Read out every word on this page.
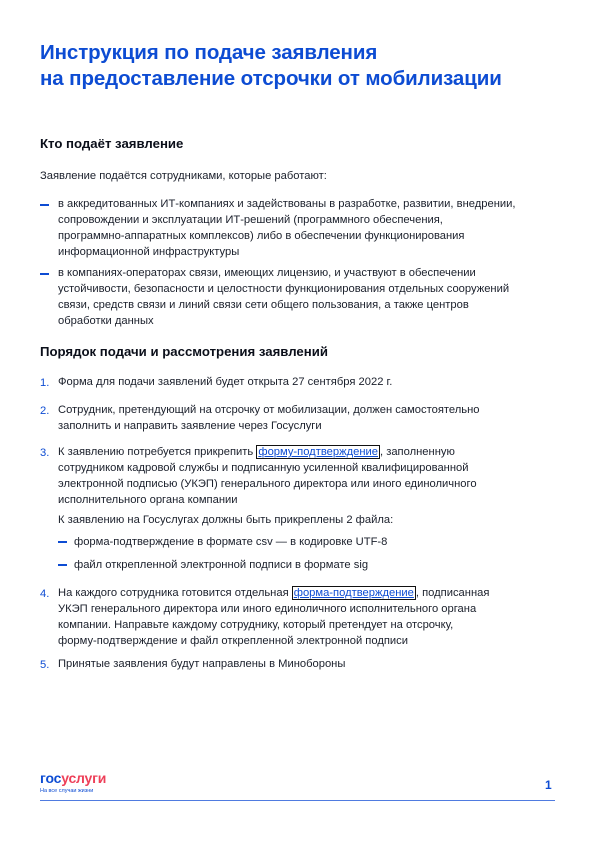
Инструкция по подаче заявления
на предоставление отсрочки от мобилизации
Кто подаёт заявление
Заявление подаётся сотрудниками, которые работают:
в аккредитованных ИТ-компаниях и задействованы в разработке, развитии, внедрении,
сопровождении и эксплуатации ИТ-решений (программного обеспечения,
программно-аппаратных комплексов) либо в обеспечении функционирования
информационной инфраструктуры
в компаниях-операторах связи, имеющих лицензию, и участвуют в обеспечении
устойчивости, безопасности и целостности функционирования отдельных сооружений
связи, средств связи и линий связи сети общего пользования, а также центров
обработки данных
Порядок подачи и рассмотрения заявлений
1. Форма для подачи заявлений будет открыта 27 сентября 2022 г.
2. Сотрудник, претендующий на отсрочку от мобилизации, должен самостоятельно
заполнить и направить заявление через Госуслуги
3. К заявлению потребуется прикрепить форму-подтверждение , заполненную
сотрудником кадровой службы и подписанную усиленной квалифицированной
электронной подписью (УКЭП) генерального директора или иного единоличного
исполнительного органа компании
К заявлению на Госуслугах должны быть прикреплены 2 файла:
форма-подтверждение в формате csv — в кодировке UTF-8
файл открепленной электронной подписи в формате sig
4. На каждого сотрудника готовится отдельная форма-подтверждение , подписанная
УКЭП генерального директора или иного единоличного исполнительного органа
компании. Направьте каждому сотруднику, который претендует на отсрочку,
форму-подтверждение и файл открепленной электронной подписи
5. Принятые заявления будут направлены в Минобороны
госуслуги
На все случаи жизни	1
